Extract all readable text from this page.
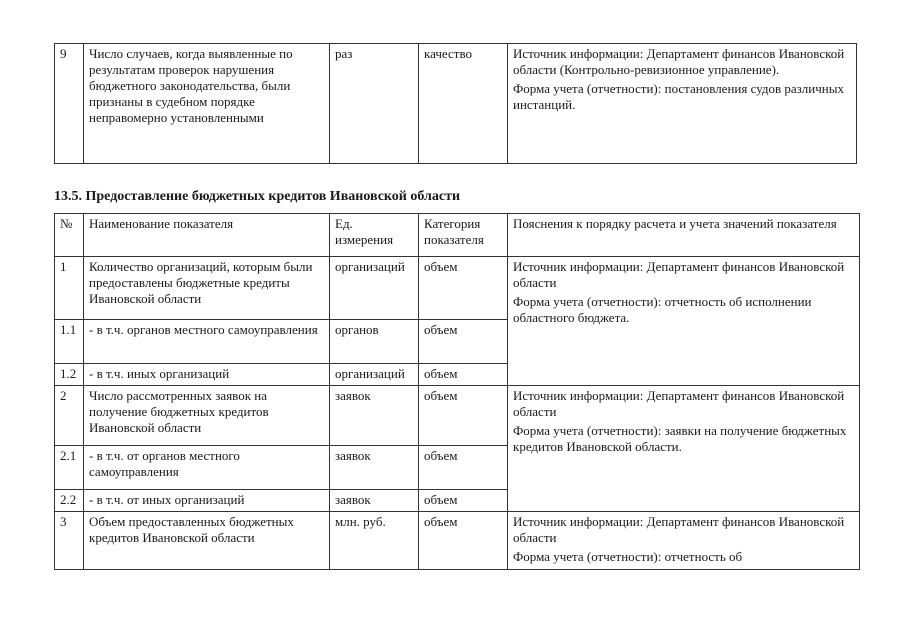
9	Число случаев, когда выявленные по результатам проверок нарушения бюджетного законодательства, были признаны в судебном порядке неправомерно установленными	раз	качество	Источник информации: Департамент финансов Ивановской области (Контрольно-ревизионное управление).
Форма учета (отчетности): постановления судов различных инстанций.
13.5. Предоставление бюджетных кредитов Ивановской области
№	Наименование показателя	Ед. измерения	Категория показателя	Пояснения к порядку расчета и учета значений показателя
1	Количество организаций, которым были предоставлены бюджетные кредиты Ивановской области	организаций	объем	Источник информации: Департамент финансов Ивановской области
Форма учета (отчетности): отчетность об исполнении областного бюджета.

1.1	- в т.ч. органов местного самоуправления	органов	объем	
1.2	- в т.ч. иных организаций	организаций	объем	
2	Число рассмотренных заявок на получение бюджетных кредитов Ивановской области	заявок	объем	Источник информации: Департамент финансов Ивановской области
Форма учета (отчетности): заявки на получение бюджетных кредитов Ивановской области.

2.1	- в т.ч. от органов местного самоуправления	заявок	объем	
2.2	- в т.ч. от иных организаций	заявок	объем	
3	Объем предоставленных бюджетных кредитов Ивановской области	млн. руб.	объем	Источник информации: Департамент финансов Ивановской области
Форма учета (отчетности): отчетность об
